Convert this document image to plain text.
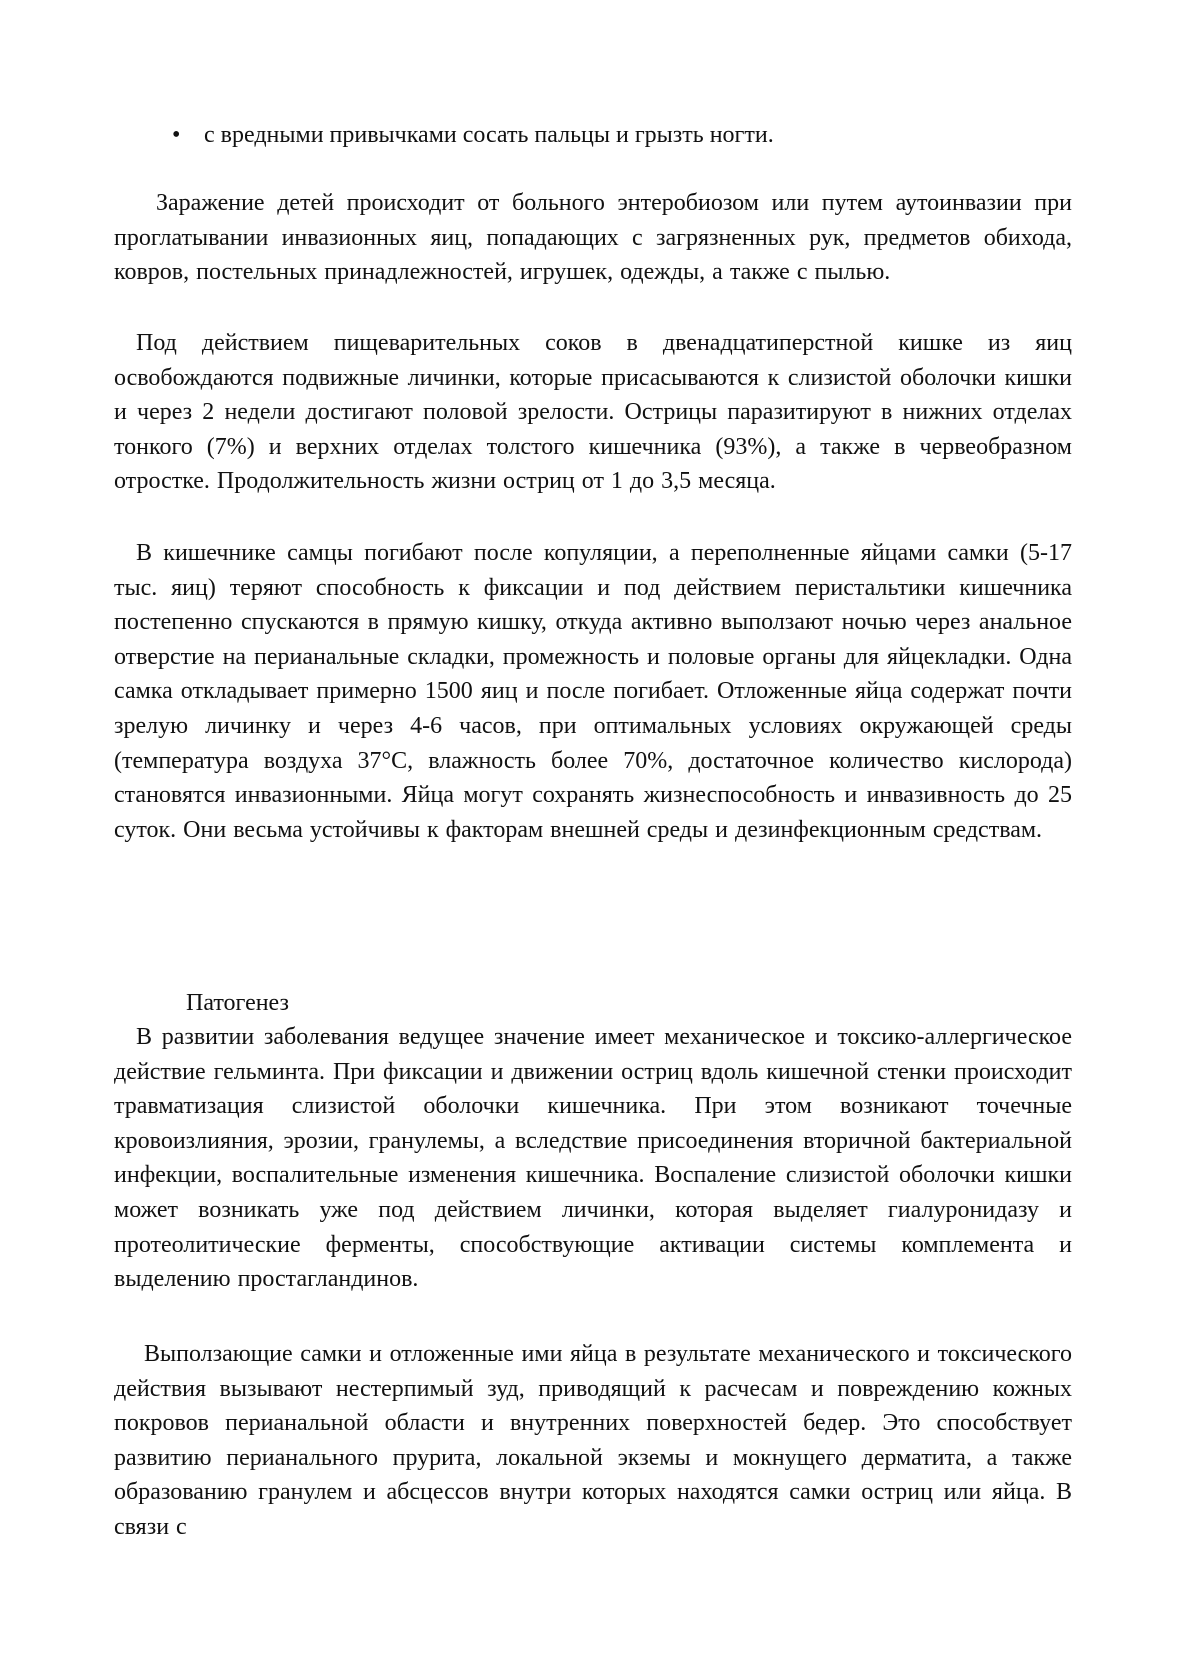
• с вредными привычками сосать пальцы и грызть ногти.

Заражение детей происходит от больного энтеробиозом или путем аутоинвазии при проглатывании инвазионных яиц, попадающих с загрязненных рук, предметов обихода, ковров, постельных принадлежностей, игрушек, одежды, а также с пылью.

Под действием пищеварительных соков в двенадцатиперстной кишке из яиц освобождаются подвижные личинки, которые присасываются к слизистой оболочки кишки и через 2 недели достигают половой зрелости. Острицы паразитируют в нижних отделах тонкого (7%) и верхних отделах толстого кишечника (93%), а также в червеобразном отростке. Продолжительность жизни остриц от 1 до 3,5 месяца.

В кишечнике самцы погибают после копуляции, а переполненные яйцами самки (5-17 тыс. яиц) теряют способность к фиксации и под действием перистальтики кишечника постепенно спускаются в прямую кишку, откуда активно выползают ночью через анальное отверстие на перианальные складки, промежность и половые органы для яйцекладки. Одна самка откладывает примерно 1500 яиц и после погибает. Отложенные яйца содержат почти зрелую личинку и через 4-6 часов, при оптимальных условиях окружающей среды (температура воздуха 37°С, влажность более 70%, достаточное количество кислорода) становятся инвазионными. Яйца могут сохранять жизнеспособность и инвазивность до 25 суток. Они весьма устойчивы к факторам внешней среды и дезинфекционным средствам.

Патогенез

В развитии заболевания ведущее значение имеет механическое и токсико-аллергическое действие гельминта. При фиксации и движении остриц вдоль кишечной стенки происходит травматизация слизистой оболочки кишечника. При этом возникают точечные кровоизлияния, эрозии, гранулемы, а вследствие присоединения вторичной бактериальной инфекции, воспалительные изменения кишечника. Воспаление слизистой оболочки кишки может возникать уже под действием личинки, которая выделяет гиалуронидазу и протеолитические ферменты, способствующие активации системы комплемента и выделению простагландинов.

Выползающие самки и отложенные ими яйца в результате механического и токсического действия вызывают нестерпимый зуд, приводящий к расчесам и повреждению кожных покровов перианальной области и внутренних поверхностей бедер. Это способствует развитию перианального прурита, локальной экземы и мокнущего дерматита, а также образованию гранулем и абсцессов внутри которых находятся самки остриц или яйца. В связи с
